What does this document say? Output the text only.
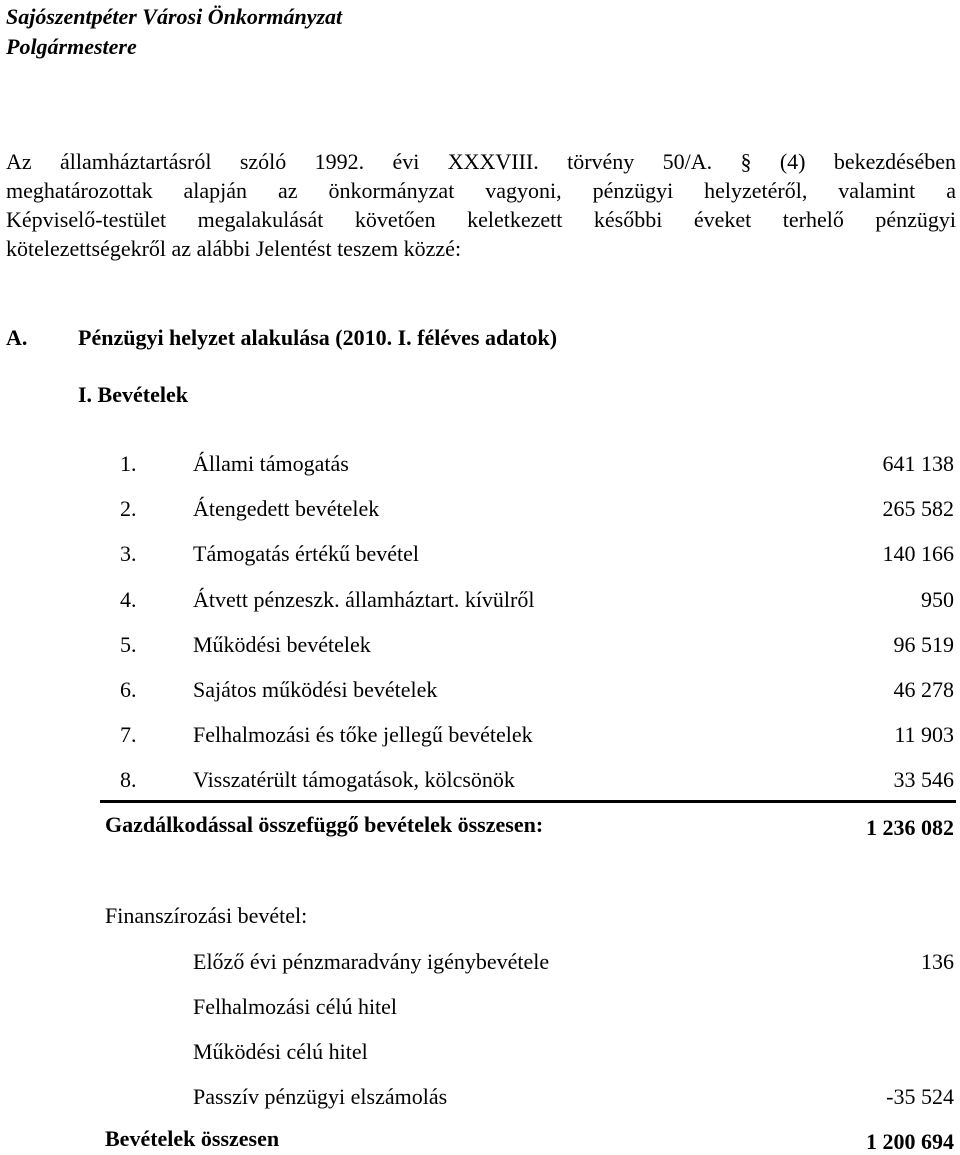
Sajószentpéter Városi Önkormányzat
Polgármestere
Az államháztartásról szóló 1992. évi XXXVIII. törvény 50/A. § (4) bekezdésében
meghatározottak alapján az önkormányzat vagyoni, pénzügyi helyzetéről, valamint a
Képviselő-testület megalakulását követően keletkezett későbbi éveket terhelő pénzügyi
kötelezettségekről az alábbi Jelentést teszem közzé:
A. Pénzügyi helyzet alakulása (2010. I. féléves adatok)
I. Bevételek
1.	Állami támogatás	641 138
2.	Átengedett bevételek	265 582
3.	Támogatás értékű bevétel	140 166
4.	Átvett pénzeszk. államháztart. kívülről	950
5.	Működési bevételek	96 519
6.	Sajátos működési bevételek	46 278
7.	Felhalmozási és tőke jellegű bevételek	11 903
8.	Visszatérült támogatások, kölcsönök	33 546
Gazdálkodással összefüggő bevételek összesen:	1 236 082
Finanszírozási bevétel:
Előző évi pénzmaradvány igénybevétele	136
Felhalmozási célú hitel
Működési célú hitel
Passzív pénzügyi elszámolás	-35 524
Bevételek összesen	1 200 694
